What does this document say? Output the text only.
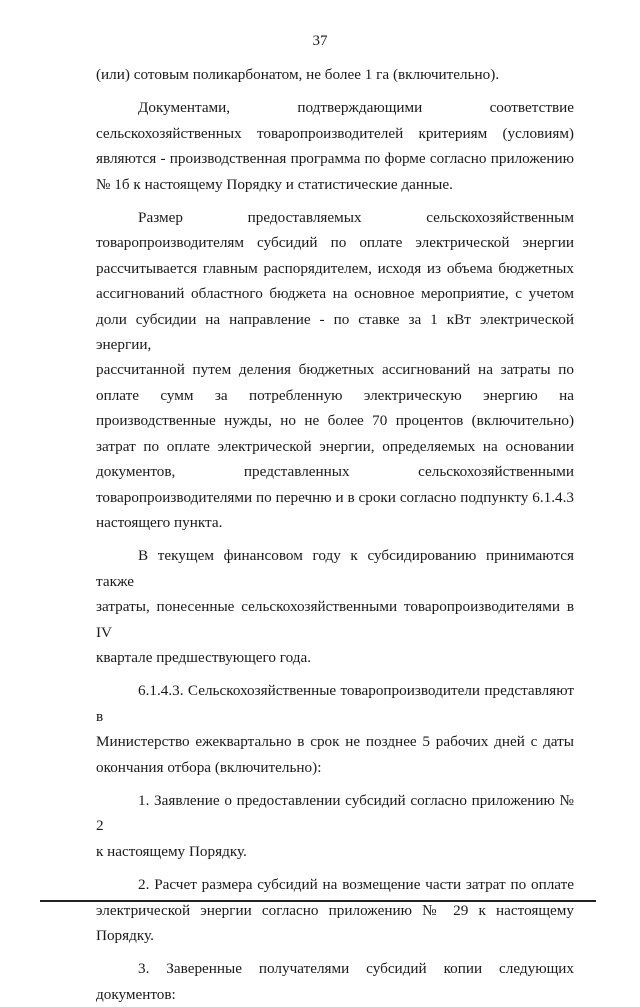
37

(или) сотовым поликарбонатом, не более 1 га (включительно).

Документами, подтверждающими соответствие

сельскохозяйственных товаропроизводителей критериям (условиям)

являются - производственная программа по форме согласно приложению

№ 1б к настоящему Порядку и статистические данные.

Размер предоставляемых сельскохозяйственным

товаропроизводителям субсидий по оплате электрической энергии

рассчитывается главным распорядителем, исходя из объема бюджетных

ассигнований областного бюджета на основное мероприятие, с учетом

доли субсидии на направление - по ставке за 1 кВт электрической энергии,

рассчитанной путем деления бюджетных ассигнований на затраты по

оплате сумм за потребленную электрическую энергию на

производственные нужды, но не более 70 процентов (включительно)

затрат по оплате электрической энергии, определяемых на основании

документов, представленных сельскохозяйственными

товаропроизводителями по перечню и в сроки согласно подпункту 6.1.4.3

настоящего пункта.

В текущем финансовом году к субсидированию принимаются также

затраты, понесенные сельскохозяйственными товаропроизводителями в IV

квартале предшествующего года.

6.1.4.3. Сельскохозяйственные товаропроизводители представляют в

Министерство ежеквартально в срок не позднее 5 рабочих дней с даты

окончания отбора (включительно):

1. Заявление о предоставлении субсидий согласно приложению № 2

к настоящему Порядку.

2. Расчет размера субсидий на возмещение части затрат по оплате

электрической энергии согласно приложению № 29 к настоящему

Порядку.

3. Заверенные получателями субсидий копии следующих

документов:
